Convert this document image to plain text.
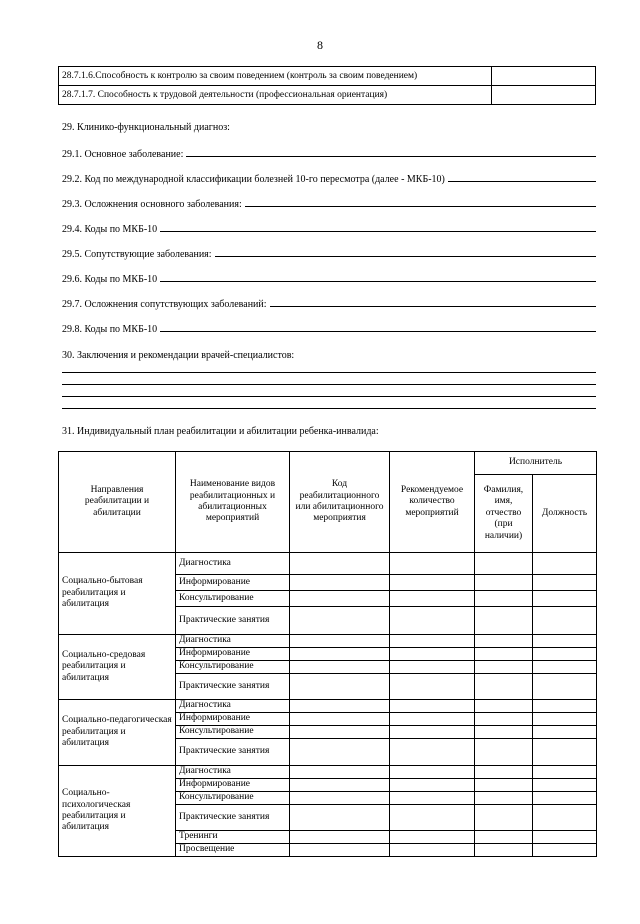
8
28.7.1.6.Способность к контролю за своим поведением (контроль за своим поведением)	
28.7.1.7. Способность к трудовой деятельности (профессиональная ориентация)	
29. Клинико-функциональный диагноз:
29.1. Основное заболевание:
29.2. Код по международной классификации болезней 10-го пересмотра (далее - МКБ-10)
29.3. Осложнения основного заболевания:
29.4. Коды по МКБ-10
29.5. Сопутствующие заболевания:
29.6. Коды по МКБ-10
29.7. Осложнения сопутствующих заболеваний:
29.8. Коды по МКБ-10
30. Заключения и рекомендации врачей-специалистов:
31. Индивидуальный план реабилитации и абилитации ребенка-инвалида:
Направления реабилитации и абилитации	Наименование видов реабилитационных и абилитационных мероприятий	Код реабилитационного или абилитационного мероприятия	Рекомендуемое количество мероприятий	Исполнитель	
				Фамилия, имя, отчество (при наличии)	Должность
Социально-бытовая реабилитация и абилитация	Диагностика				
	Информирование				
	Консультирование				
	Практические занятия				
Социально-средовая реабилитация и абилитация	Диагностика				
	Информирование				
	Консультирование				
	Практические занятия				
Социально-педагогическая реабилитация и абилитация	Диагностика				
	Информирование				
	Консультирование				
	Практические занятия				
Социально-психологическая реабилитация и абилитация	Диагностика				
	Информирование				
	Консультирование				
	Практические занятия				
	Тренинги				
	Просвещение				
